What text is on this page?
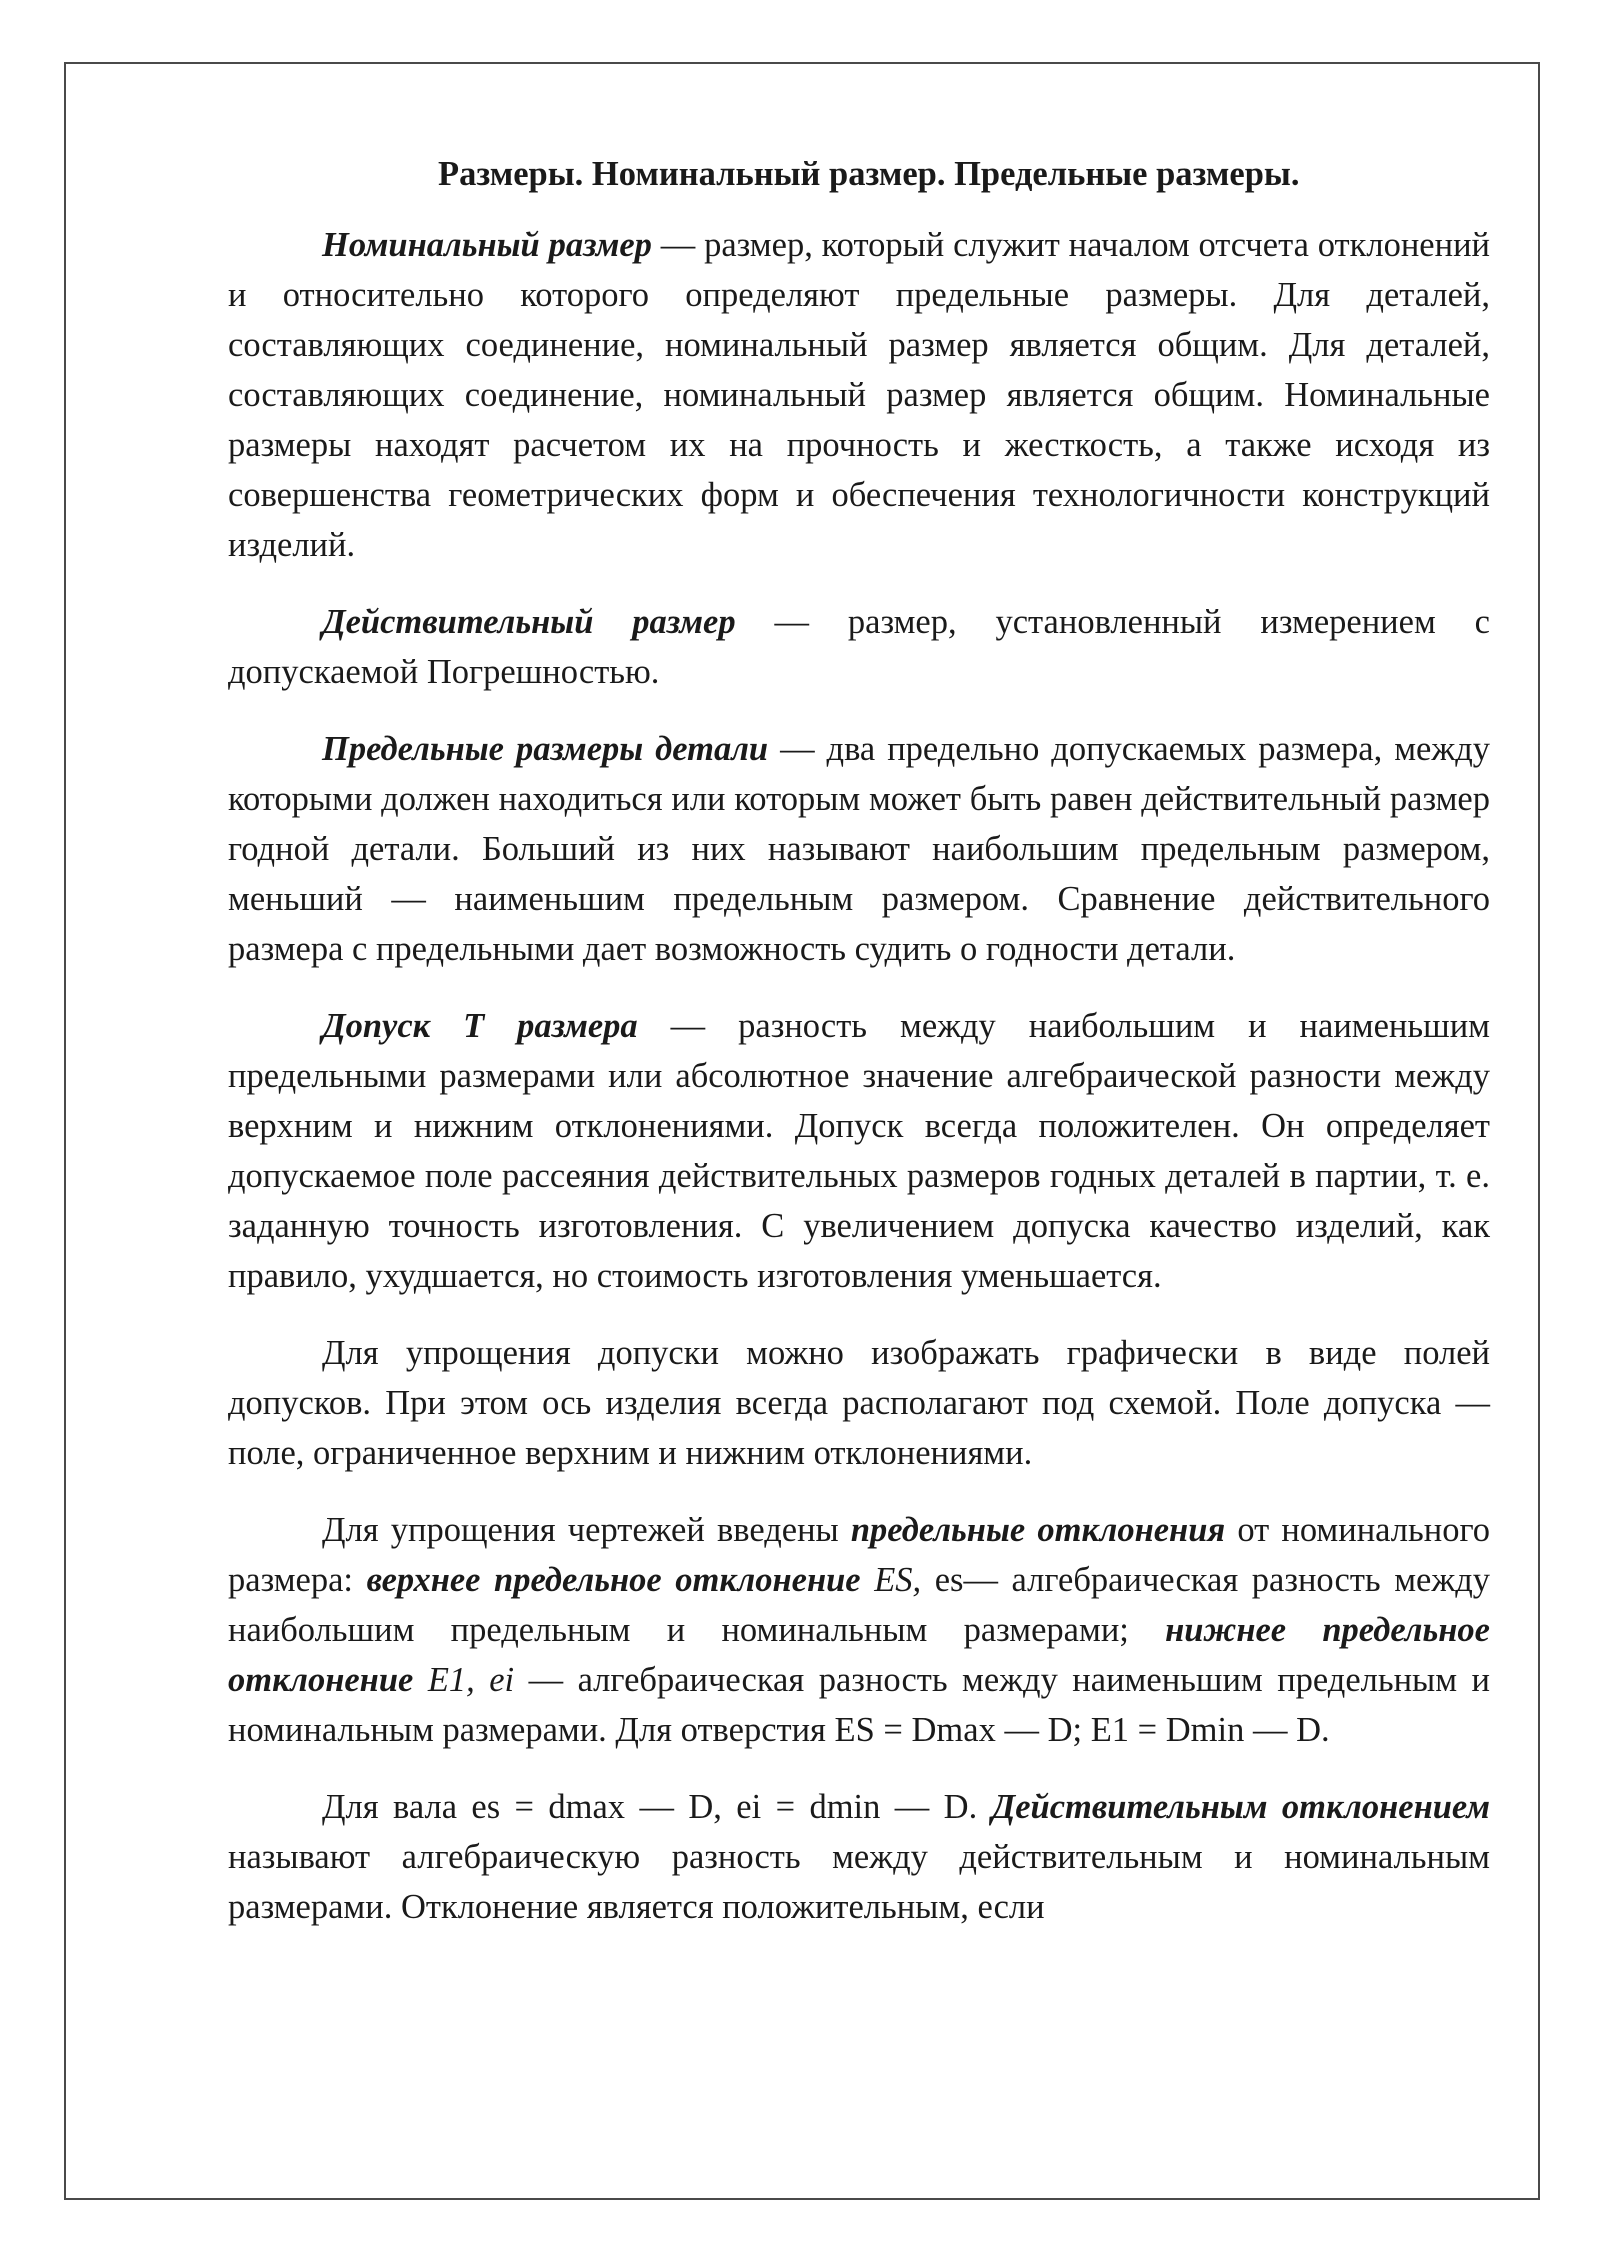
Размеры. Номинальный размер. Предельные размеры.

Номинальный размер — размер, который служит началом отсчета отклонений и относительно которого определяют предельные размеры. Для деталей, составляющих соединение, номинальный размер является общим. Для деталей, составляющих соединение, номинальный размер является общим. Номинальные размеры находят расчетом их на прочность и жесткость, а также исходя из совершенства геометрических форм и обеспечения технологичности конструкций изделий.

Действительный размер — размер, установленный измерением с допускаемой Погрешностью.

Предельные размеры детали — два предельно допускаемых размера, между которыми должен находиться или которым может быть равен действительный размер годной детали. Больший из них называют наибольшим предельным размером, меньший — наименьшим предельным размером. Сравнение действительного размера с предельными дает возможность судить о годности детали.

Допуск Т размера — разность между наибольшим и наименьшим предельными размерами или абсолютное значение алгебраической разности между верхним и нижним отклонениями. Допуск всегда положителен. Он определяет допускаемое поле рассеяния действительных размеров годных деталей в партии, т. е. заданную точность изготовления. С увеличением допуска качество изделий, как правило, ухудшается, но стоимость изготовления уменьшается.

Для упрощения допуски можно изображать графически в виде полей допусков. При этом ось изделия всегда располагают под схемой. Поле допуска — поле, ограниченное верхним и нижним отклонениями.

Для упрощения чертежей введены предельные отклонения от номинального размера: верхнее предельное отклонение ES, es— алгебраическая разность между наибольшим предельным и номинальным размерами; нижнее предельное отклонение E1, ei — алгебраическая разность между наименьшим предельным и номинальным размерами. Для отверстия ES = Dmax — D; E1 = Dmin — D.

Для вала es = dmax — D, ei = dmin — D. Действительным отклонением называют алгебраическую разность между действительным и номинальным размерами. Отклонение является положительным, если
